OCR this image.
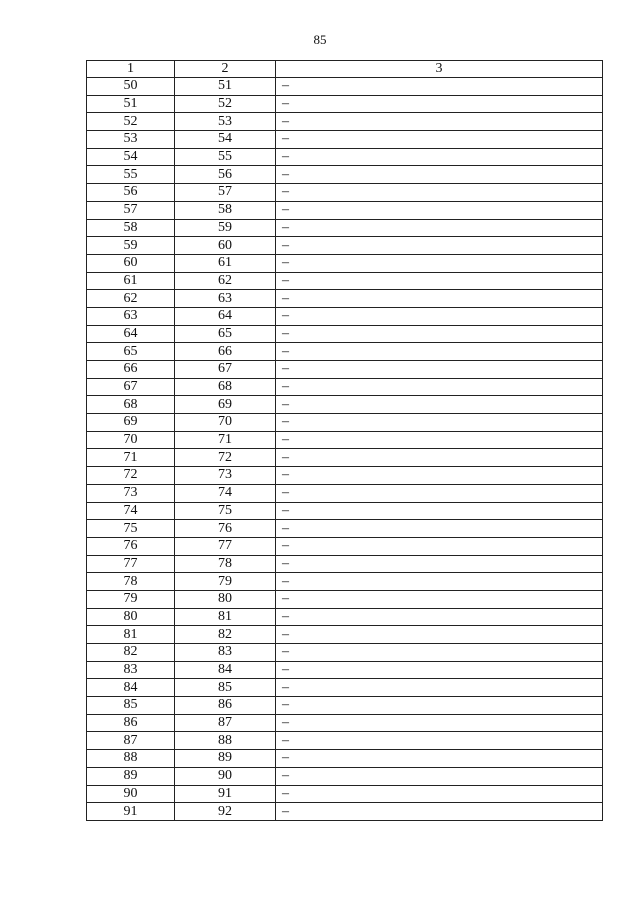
85
1	2	3
50	51	–
51	52	–
52	53	–
53	54	–
54	55	–
55	56	–
56	57	–
57	58	–
58	59	–
59	60	–
60	61	–
61	62	–
62	63	–
63	64	–
64	65	–
65	66	–
66	67	–
67	68	–
68	69	–
69	70	–
70	71	–
71	72	–
72	73	–
73	74	–
74	75	–
75	76	–
76	77	–
77	78	–
78	79	–
79	80	–
80	81	–
81	82	–
82	83	–
83	84	–
84	85	–
85	86	–
86	87	–
87	88	–
88	89	–
89	90	–
90	91	–
91	92	–
